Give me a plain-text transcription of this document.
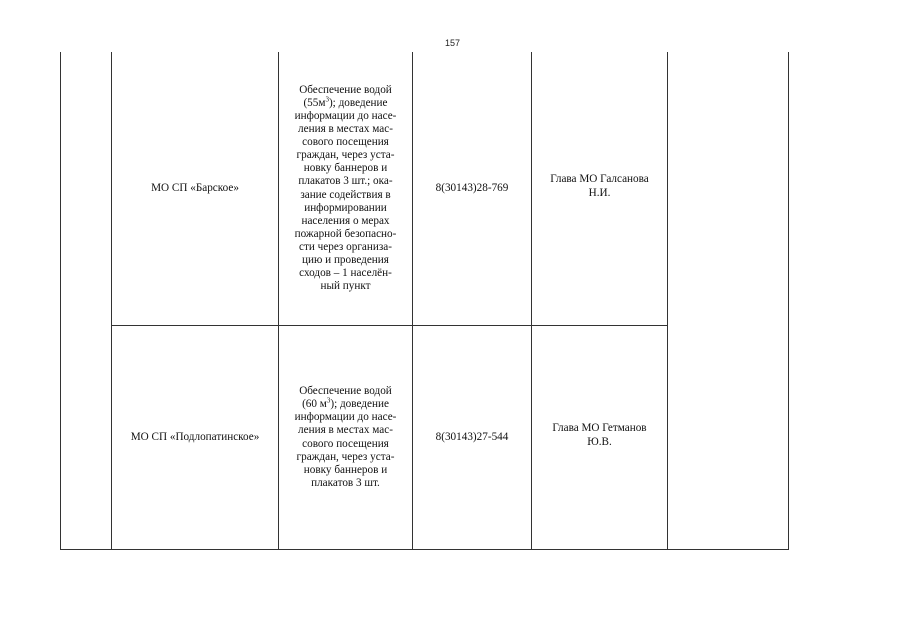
157
МО СП «Барское»
Обеспечение водой
$(55м^3)$; доведение
информации до насе-
ления в местах мас-
сового посещения
граждан, через уста-
новку баннеров и
плакатов 3 шт.; ока-
зание содействия в
информировании
населения о мерах
пожарной безопасно-
сти через организа-
цию и проведения
сходов – 1 населён-
ный пункт
8(30143)28-769
Глава МО Галсанова
Н.И.
МО СП «Подлопатинское»
Обеспечение водой
(60 $м^3$); доведение
информации до насе-
ления в местах мас-
сового посещения
граждан, через уста-
новку баннеров и
плакатов 3 шт.
8(30143)27-544
Глава МО Гетманов
Ю.В.
